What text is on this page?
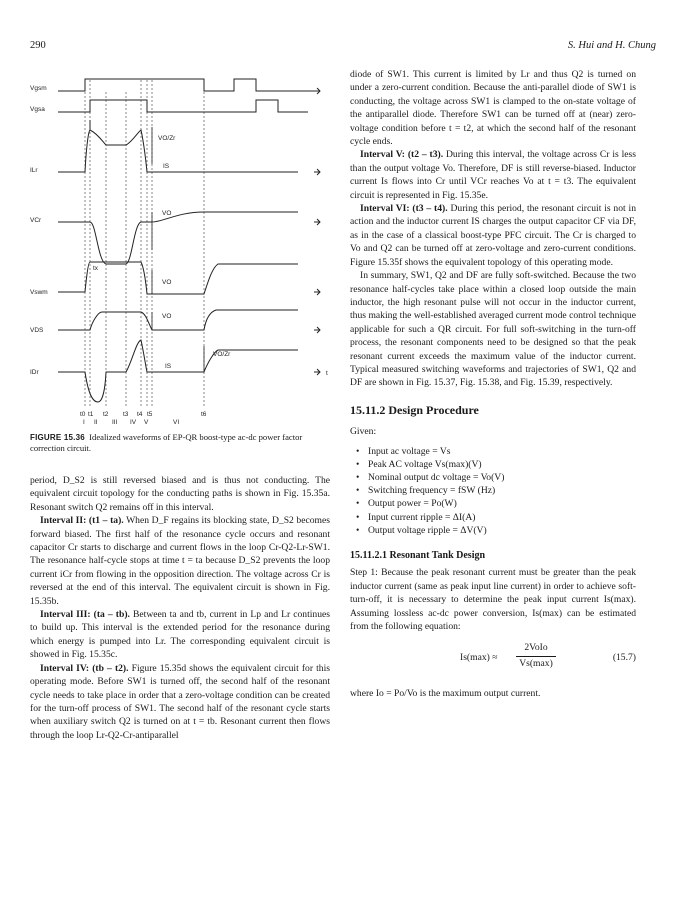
290	S. Hui and H. Chung
Vgsm
Vgsa
ILr
VCr
Vswm
VDS
IDr
VO/Zr
IS
VO
tx
VO
VO
VO/Zr
IS
t
t0 t1 t2 t3 t4 t5	t6
I II III IV V	VI
FIGURE 15.36 Idealized waveforms of EP-QR boost-type ac-dc power factor correction circuit.

period, D_S2 is still reversed biased and is thus not conducting. The equivalent circuit topology for the conducting paths is shown in Fig. 15.35a. Resonant switch Q2 remains off in this interval.

Interval II: (t1 – ta). When D_F regains its blocking state, D_S2 becomes forward biased. The first half of the resonance cycle occurs and resonant capacitor Cr starts to discharge and current flows in the loop Cr-Q2-Lr-SW1. The resonance half-cycle stops at time t = ta because D_S2 prevents the loop current iCr from flowing in the opposition direction. The voltage across Cr is reversed at the end of this interval. The equivalent circuit is shown in Fig. 15.35b.

Interval III: (ta – tb). Between ta and tb, current in Lp and Lr continues to build up. This interval is the extended period for the resonance during which energy is pumped into Lr. The corresponding equivalent circuit is showed in Fig. 15.35c.

Interval IV: (tb – t2). Figure 15.35d shows the equivalent circuit for this operating mode. Before SW1 is turned off, the second half of the resonant cycle needs to take place in order that a zero-voltage condition can be created for the turn-off process of SW1. The second half of the resonant cycle starts when auxiliary switch Q2 is turned on at t = tb. Resonant current then flows through the loop Lr-Q2-Cr-antiparallel

diode of SW1. This current is limited by Lr and thus Q2 is turned on under a zero-current condition. Because the anti-parallel diode of SW1 is conducting, the voltage across SW1 is clamped to the on-state voltage of the antiparallel diode. Therefore SW1 can be turned off at (near) zero-voltage condition before t = t2, at which the second half of the resonant cycle ends.

Interval V: (t2 – t3). During this interval, the voltage across Cr is less than the output voltage Vo. Therefore, DF is still reverse-biased. Inductor current Is flows into Cr until VCr reaches Vo at t = t3. The equivalent circuit is represented in Fig. 15.35e.

Interval VI: (t3 – t4). During this period, the resonant circuit is not in action and the inductor current IS charges the output capacitor CF via DF, as in the case of a classical boost-type PFC circuit. The Cr is charged to Vo and Q2 can be turned off at zero-voltage and zero-current conditions. Figure 15.35f shows the equivalent topology of this operating mode.

In summary, SW1, Q2 and DF are fully soft-switched. Because the two resonance half-cycles take place within a closed loop outside the main inductor, the high resonant pulse will not occur in the inductor current, thus making the well-established averaged current mode control technique applicable for such a QR circuit. For full soft-switching in the turn-off process, the resonant components need to be designed so that the peak resonant current exceeds the maximum value of the inductor current. Typical measured switching waveforms and trajectories of SW1, Q2 and DF are shown in Fig. 15.37, Fig. 15.38, and Fig. 15.39, respectively.

15.11.2 Design Procedure

Given:

• Input ac voltage = Vs
• Peak AC voltage Vs(max)(V)
• Nominal output dc voltage = Vo(V)
• Switching frequency = fSW (Hz)
• Output power = Po(W)
• Input current ripple = ΔI(A)
• Output voltage ripple = ΔV(V)

15.11.2.1 Resonant Tank Design

Step 1: Because the peak resonant current must be greater than the peak inductor current (same as peak input line current) in order to achieve soft-turn-off, it is necessary to determine the peak input current Is(max). Assuming lossless ac-dc power conversion, Is(max) can be estimated from the following equation:

Is(max) ≈
2VoIo
Vs(max)	(15.7)

where Io = Po/Vo is the maximum output current.
